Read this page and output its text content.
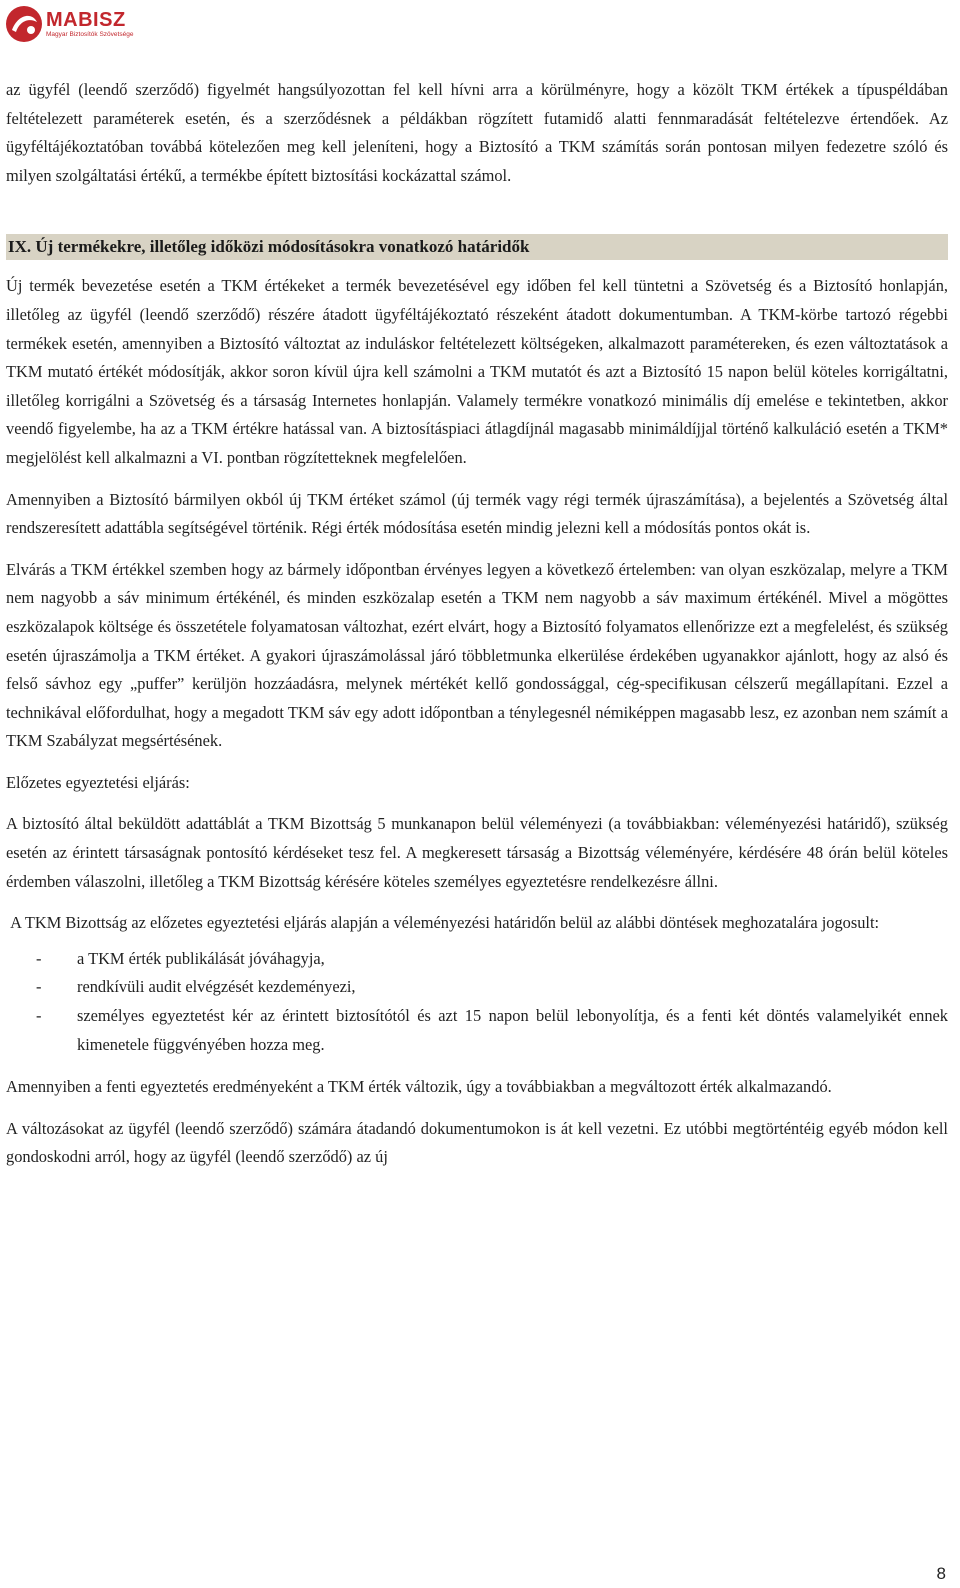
MABISZ
Magyar Biztosítók Szövetsége

az ügyfél (leendő szerződő) figyelmét hangsúlyozottan fel kell hívni arra a körülményre, hogy a közölt TKM értékek a típuspéldában feltételezett paraméterek esetén, és a szerződésnek a példákban rögzített futamidő alatti fennmaradását feltételezve értendőek. Az ügyféltájékoztatóban továbbá kötelezően meg kell jeleníteni, hogy a Biztosító a TKM számítás során pontosan milyen fedezetre szóló és milyen szolgáltatási értékű, a termékbe épített biztosítási kockázattal számol.

IX. Új termékekre, illetőleg időközi módosításokra vonatkozó határidők

Új termék bevezetése esetén a TKM értékeket a termék bevezetésével egy időben fel kell tüntetni a Szövetség és a Biztosító honlapján, illetőleg az ügyfél (leendő szerződő) részére átadott ügyféltájékoztató részeként átadott dokumentumban. A TKM-körbe tartozó régebbi termékek esetén, amennyiben a Biztosító változtat az induláskor feltételezett költségeken, alkalmazott paramétereken, és ezen változtatások a TKM mutató értékét módosítják, akkor soron kívül újra kell számolni a TKM mutatót és azt a Biztosító 15 napon belül köteles korrigáltatni, illetőleg korrigálni a Szövetség és a társaság Internetes honlapján. Valamely termékre vonatkozó minimális díj emelése e tekintetben, akkor veendő figyelembe, ha az a TKM értékre hatással van. A biztosításpiaci átlagdíjnál magasabb minimáldíjjal történő kalkuláció esetén a TKM* megjelölést kell alkalmazni a VI. pontban rögzítetteknek megfelelően.

Amennyiben a Biztosító bármilyen okból új TKM értéket számol (új termék vagy régi termék újraszámítása), a bejelentés a Szövetség által rendszeresített adattábla segítségével történik. Régi érték módosítása esetén mindig jelezni kell a módosítás pontos okát is.

Elvárás a TKM értékkel szemben hogy az bármely időpontban érvényes legyen a következő értelemben: van olyan eszközalap, melyre a TKM nem nagyobb a sáv minimum értékénél, és minden eszközalap esetén a TKM nem nagyobb a sáv maximum értékénél. Mivel a mögöttes eszközalapok költsége és összetétele folyamatosan változhat, ezért elvárt, hogy a Biztosító folyamatos ellenőrizze ezt a megfelelést, és szükség esetén újraszámolja a TKM értéket. A gyakori újraszámolással járó többletmunka elkerülése érdekében ugyanakkor ajánlott, hogy az alsó és felső sávhoz egy „puffer” kerüljön hozzáadásra, melynek mértékét kellő gondossággal, cég-specifikusan célszerű megállapítani. Ezzel a technikával előfordulhat, hogy a megadott TKM sáv egy adott időpontban a ténylegesnél némiképpen magasabb lesz, ez azonban nem számít a TKM Szabályzat megsértésének.

Előzetes egyeztetési eljárás:

A biztosító által beküldött adattáblát a TKM Bizottság 5 munkanapon belül véleményezi (a továbbiakban: véleményezési határidő), szükség esetén az érintett társaságnak pontosító kérdéseket tesz fel. A megkeresett társaság a Bizottság véleményére, kérdésére 48 órán belül köteles érdemben válaszolni, illetőleg a TKM Bizottság kérésére köteles személyes egyeztetésre rendelkezésre állni.

A TKM Bizottság az előzetes egyeztetési eljárás alapján a véleményezési határidőn belül az alábbi döntések meghozatalára jogosult:

- a TKM érték publikálását jóváhagyja,
- rendkívüli audit elvégzését kezdeményezi,
- személyes egyeztetést kér az érintett biztosítótól és azt 15 napon belül lebonyolítja, és a fenti két döntés valamelyikét ennek kimenetele függvényében hozza meg.

Amennyiben a fenti egyeztetés eredményeként a TKM érték változik, úgy a továbbiakban a megváltozott érték alkalmazandó.

A változásokat az ügyfél (leendő szerződő) számára átadandó dokumentumokon is át kell vezetni. Ez utóbbi megtörténtéig egyéb módon kell gondoskodni arról, hogy az ügyfél (leendő szerződő) az új

8
